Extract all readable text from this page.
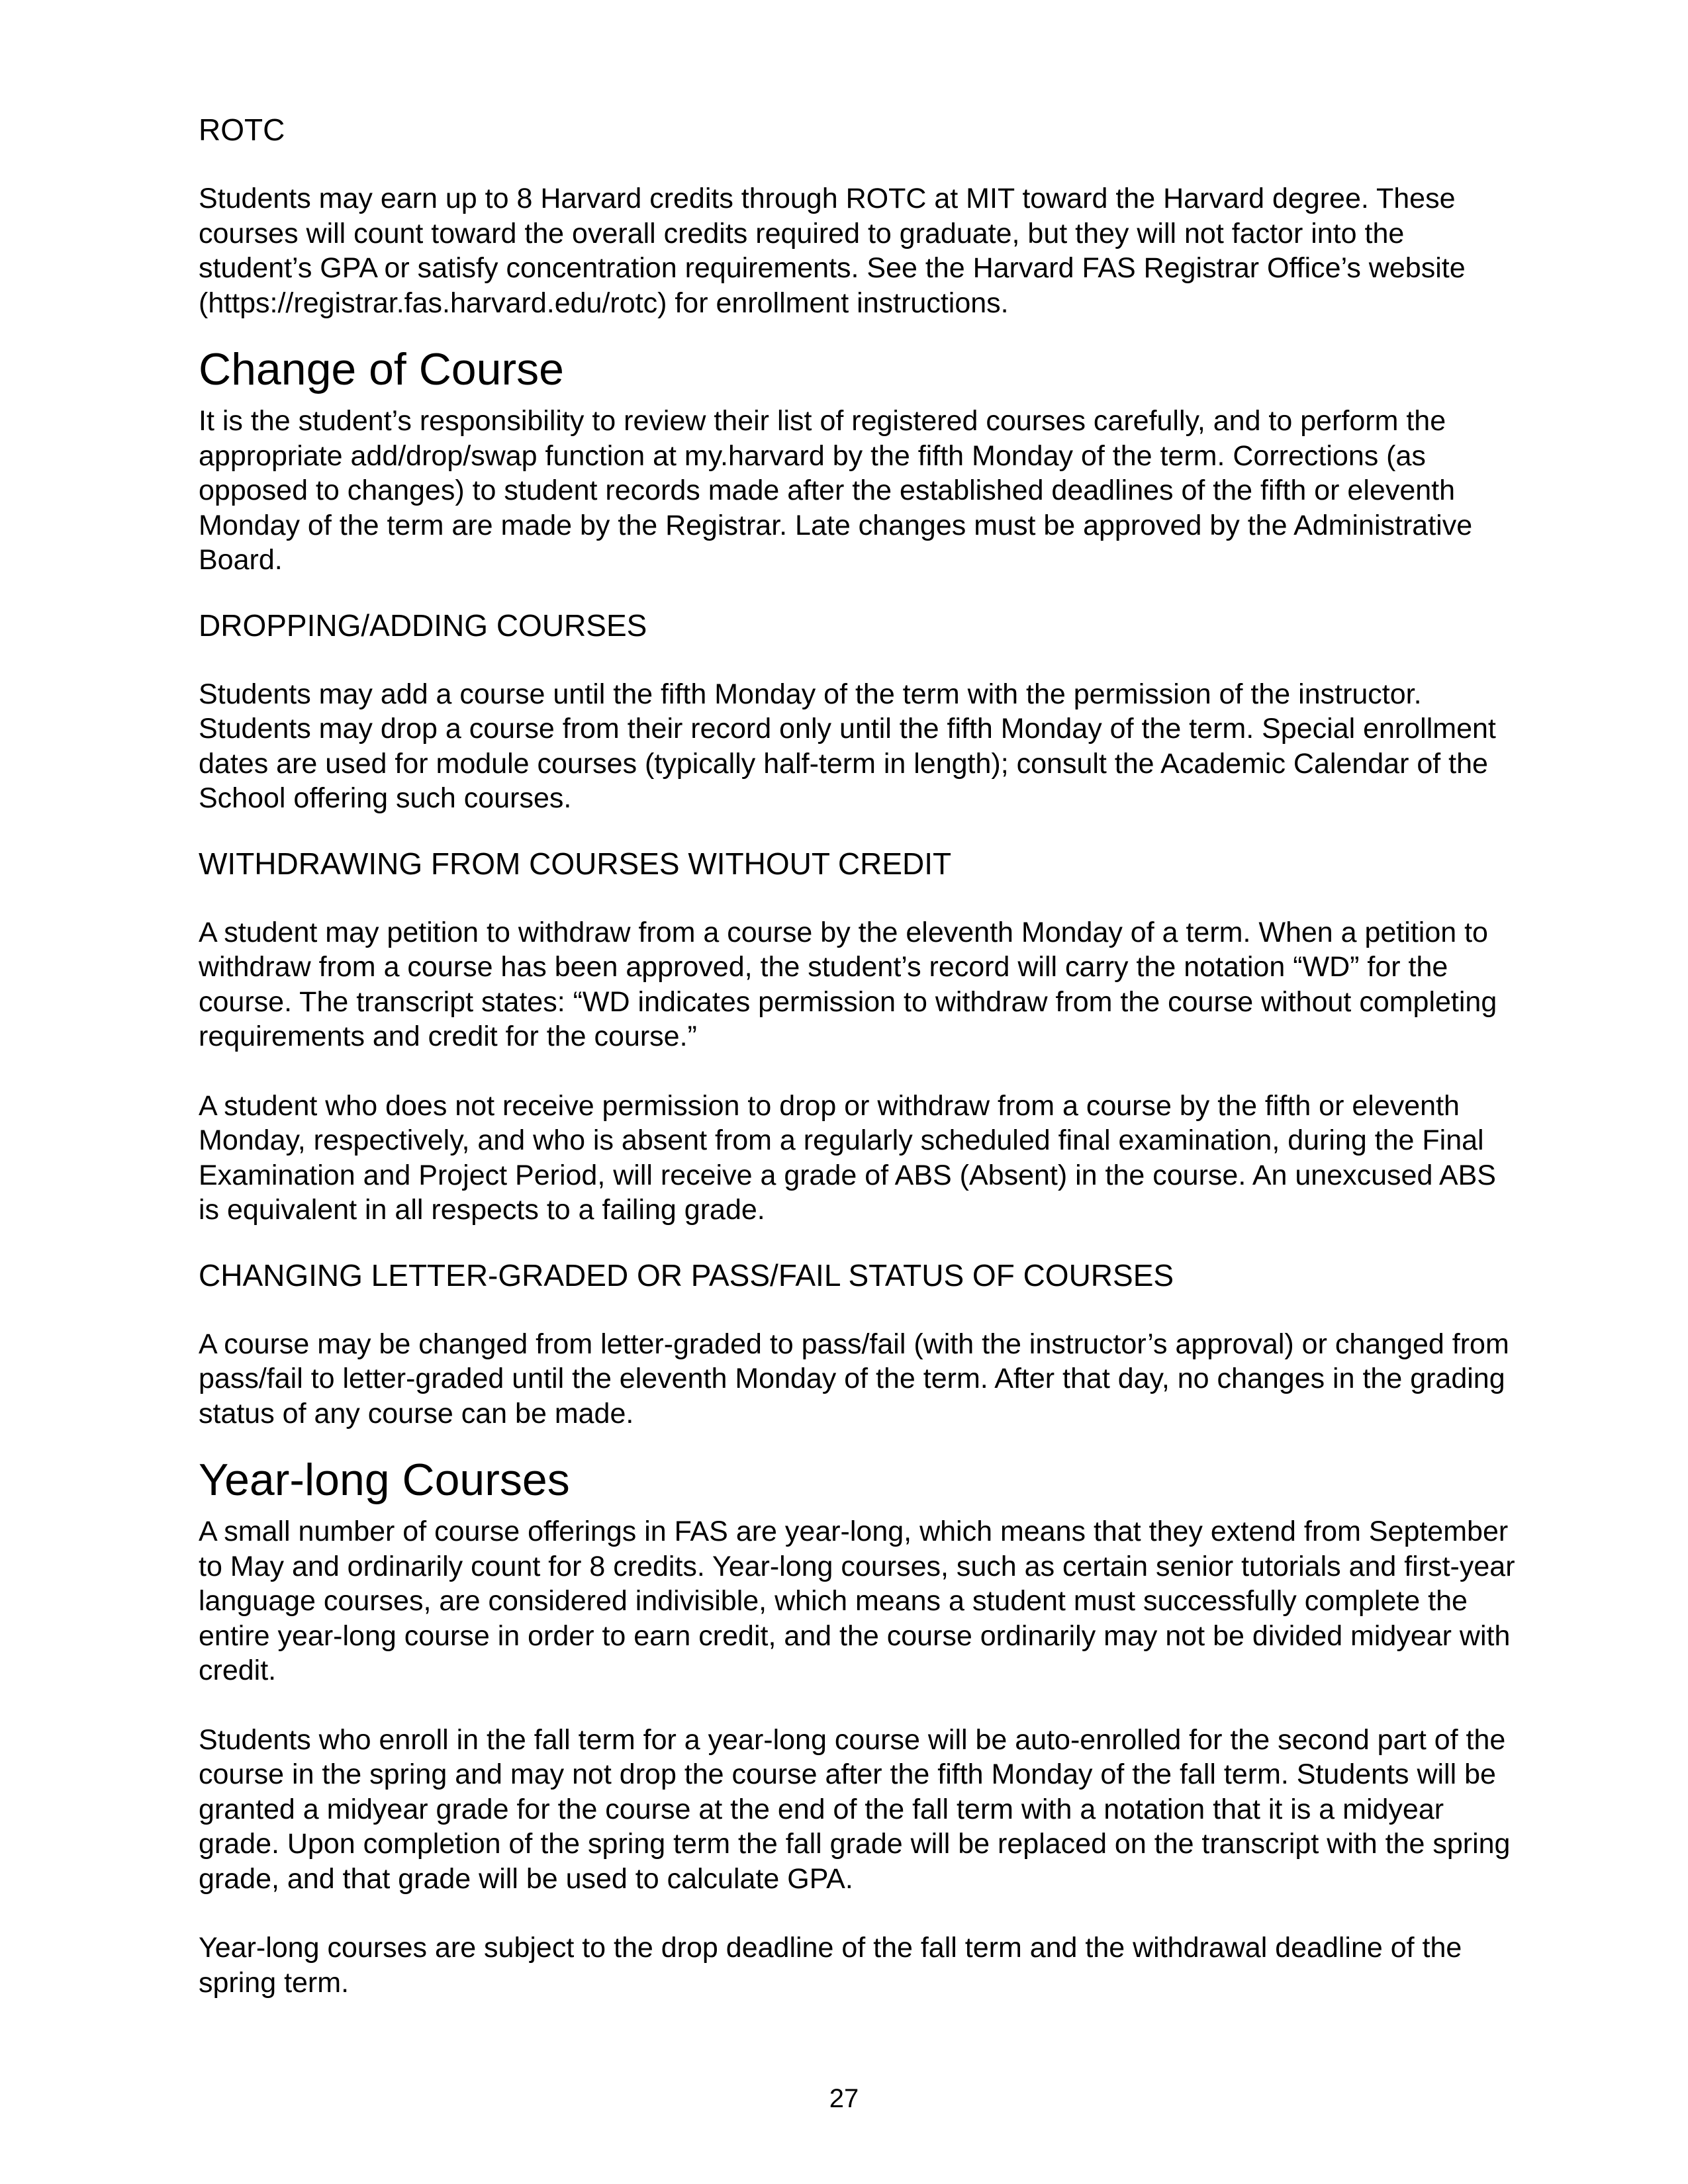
ROTC
Students may earn up to 8 Harvard credits through ROTC at MIT toward the Harvard degree. These courses will count toward the overall credits required to graduate, but they will not factor into the student’s GPA or satisfy concentration requirements. See the Harvard FAS Registrar Office’s website (https://registrar.fas.harvard.edu/rotc) for enrollment instructions.
Change of Course
It is the student’s responsibility to review their list of registered courses carefully, and to perform the appropriate add/drop/swap function at my.harvard by the fifth Monday of the term. Corrections (as opposed to changes) to student records made after the established deadlines of the fifth or eleventh Monday of the term are made by the Registrar. Late changes must be approved by the Administrative Board.
DROPPING/ADDING COURSES
Students may add a course until the fifth Monday of the term with the permission of the instructor. Students may drop a course from their record only until the fifth Monday of the term. Special enrollment dates are used for module courses (typically half-term in length); consult the Academic Calendar of the School offering such courses.
WITHDRAWING FROM COURSES WITHOUT CREDIT
A student may petition to withdraw from a course by the eleventh Monday of a term. When a petition to withdraw from a course has been approved, the student’s record will carry the notation “WD” for the course. The transcript states: “WD indicates permission to withdraw from the course without completing requirements and credit for the course.”
A student who does not receive permission to drop or withdraw from a course by the fifth or eleventh Monday, respectively, and who is absent from a regularly scheduled final examination, during the Final Examination and Project Period, will receive a grade of ABS (Absent) in the course. An unexcused ABS is equivalent in all respects to a failing grade.
CHANGING LETTER-GRADED OR PASS/FAIL STATUS OF COURSES
A course may be changed from letter-graded to pass/fail (with the instructor’s approval) or changed from pass/fail to letter-graded until the eleventh Monday of the term. After that day, no changes in the grading status of any course can be made.
Year-long Courses
A small number of course offerings in FAS are year-long, which means that they extend from September to May and ordinarily count for 8 credits. Year-long courses, such as certain senior tutorials and first-year language courses, are considered indivisible, which means a student must successfully complete the entire year-long course in order to earn credit, and the course ordinarily may not be divided midyear with credit.
Students who enroll in the fall term for a year-long course will be auto-enrolled for the second part of the course in the spring and may not drop the course after the fifth Monday of the fall term. Students will be granted a midyear grade for the course at the end of the fall term with a notation that it is a midyear grade. Upon completion of the spring term the fall grade will be replaced on the transcript with the spring grade, and that grade will be used to calculate GPA.
Year-long courses are subject to the drop deadline of the fall term and the withdrawal deadline of the spring term.
27
